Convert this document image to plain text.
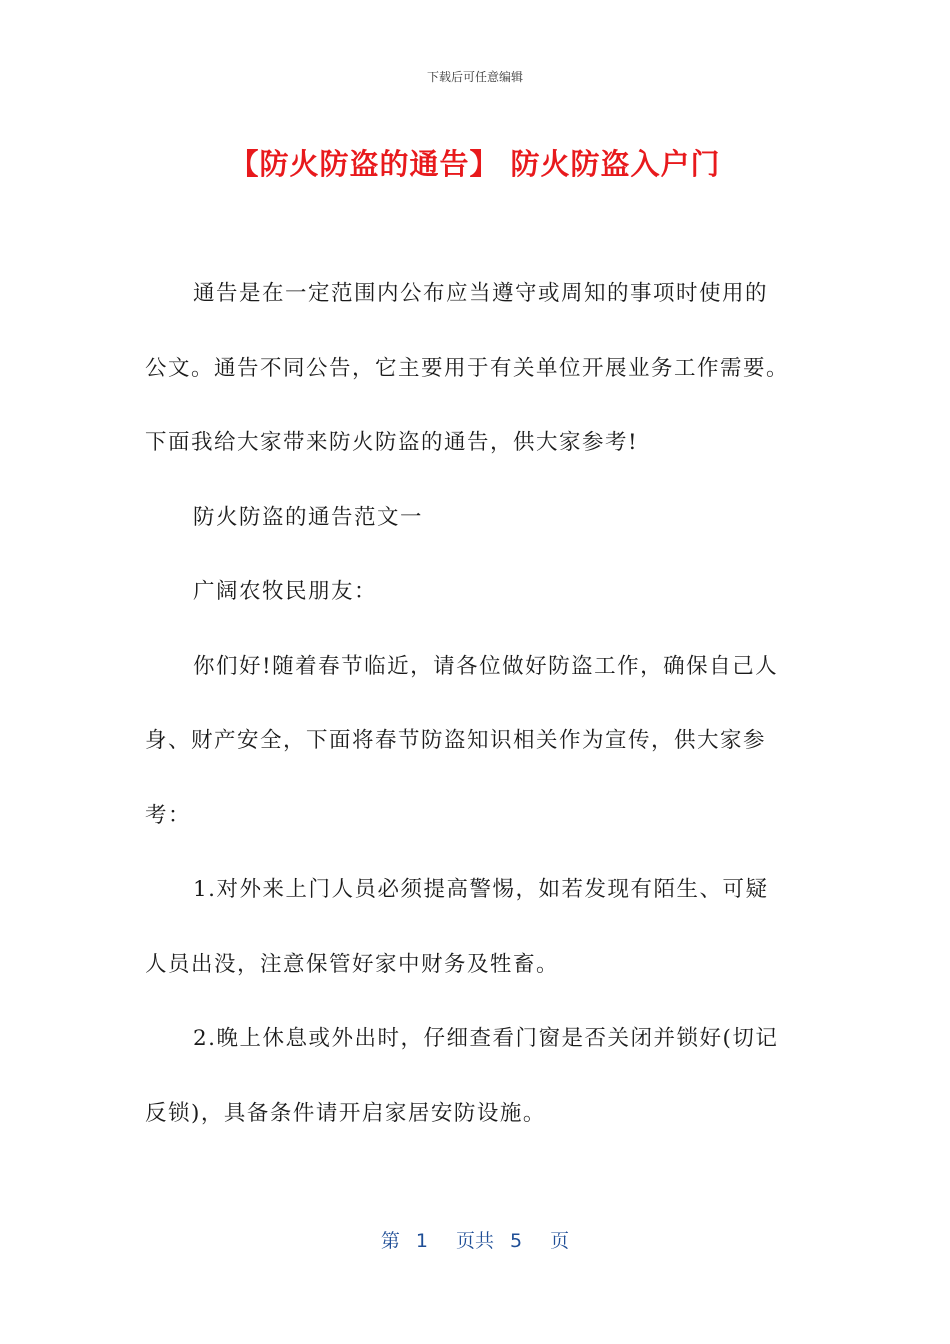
下载后可任意编辑
【防火防盗的通告】 防火防盗入户门
通告是在一定范围内公布应当遵守或周知的事项时使用的
公文。通告不同公告，它主要用于有关单位开展业务工作需要。
下面我给大家带来防火防盗的通告，供大家参考!
防火防盗的通告范文一
广阔农牧民朋友：
你们好!随着春节临近，请各位做好防盗工作，确保自己人
身、财产安全，下面将春节防盗知识相关作为宣传，供大家参
考：
1.对外来上门人员必须提高警惕，如若发现有陌生、可疑
人员出没，注意保管好家中财务及牲畜。
2.晚上休息或外出时，仔细查看门窗是否关闭并锁好(切记
反锁)，具备条件请开启家居安防设施。
第 1 页共 5 页
